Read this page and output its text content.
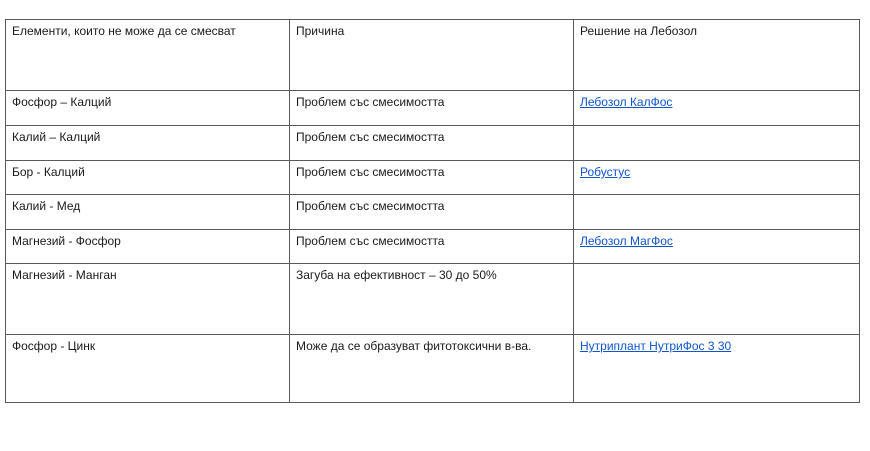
Елементи, които не може да се смесват	Причина	Решение на Лебозол
Фосфор – Калций	Проблем със смесимостта	Лебозол КалФос
Калий – Калций	Проблем със смесимостта	
Бор - Калций	Проблем със смесимостта	Робустус
Калий - Мед	Проблем със смесимостта	
Магнезий - Фосфор	Проблем със смесимостта	Лебозол МагФос
Магнезий - Манган	Загуба на ефективност – 30 до 50%	
Фосфор - Цинк	Може да се образуват фитотоксични в-ва.	Нутриплант НутриФос 3 30
